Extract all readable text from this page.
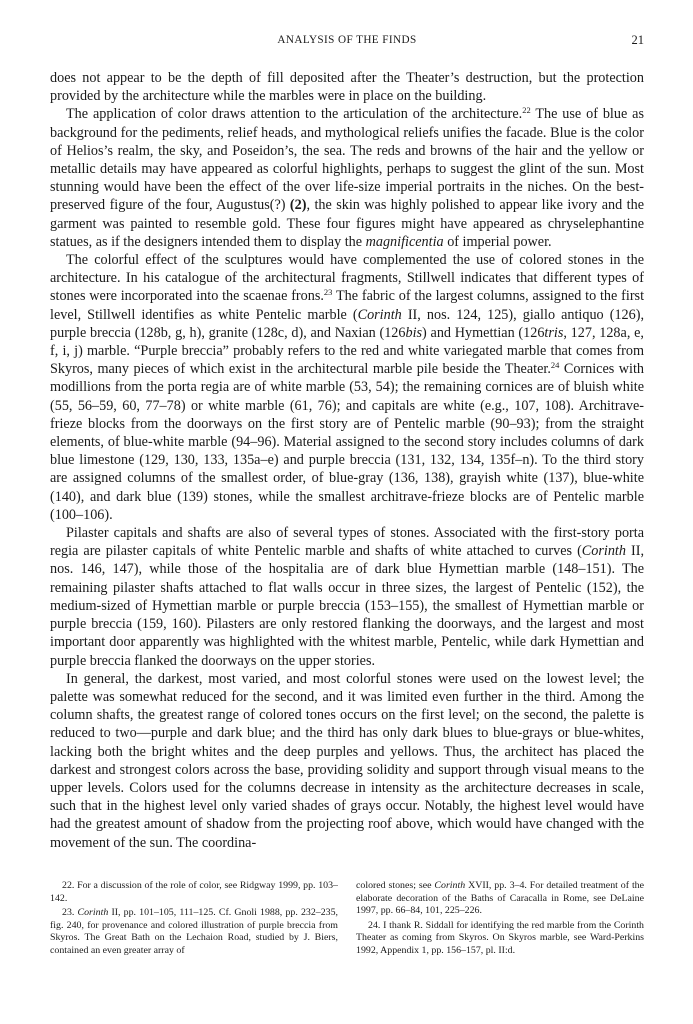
ANALYSIS OF THE FINDS	21

does not appear to be the depth of fill deposited after the Theater’s destruction, but the protection provided by the architecture while the marbles were in place on the building.

The application of color draws attention to the articulation of the architecture.$^{22}$ The use of blue as background for the pediments, relief heads, and mythological reliefs unifies the facade. Blue is the color of Helios’s realm, the sky, and Poseidon’s, the sea. The reds and browns of the hair and the yellow or metallic details may have appeared as colorful highlights, perhaps to suggest the glint of the sun. Most stunning would have been the effect of the over life-size imperial portraits in the niches. On the best-preserved figure of the four, Augustus(?) (2), the skin was highly polished to appear like ivory and the garment was painted to resemble gold. These four figures might have appeared as chryselephantine statues, as if the designers intended them to display the magnificentia of imperial power.

The colorful effect of the sculptures would have complemented the use of colored stones in the architecture. In his catalogue of the architectural fragments, Stillwell indicates that different types of stones were incorporated into the scaenae frons.$^{23}$ The fabric of the largest columns, assigned to the first level, Stillwell identifies as white Pentelic marble (Corinth II, nos. 124, 125), giallo antiquo (126), purple breccia (128b, g, h), granite (128c, d), and Naxian (126bis) and Hymettian (126tris, 127, 128a, e, f, i, j) marble. “Purple breccia” probably refers to the red and white variegated marble that comes from Skyros, many pieces of which exist in the architectural marble pile beside the Theater.$^{24}$ Cornices with modillions from the porta regia are of white marble (53, 54); the remaining cornices are of bluish white (55, 56–59, 60, 77–78) or white marble (61, 76); and capitals are white (e.g., 107, 108). Architrave-frieze blocks from the doorways on the first story are of Pentelic marble (90–93); from the straight elements, of blue-white marble (94–96). Material assigned to the second story includes columns of dark blue limestone (129, 130, 133, 135a–e) and purple breccia (131, 132, 134, 135f–n). To the third story are assigned columns of the smallest order, of blue-gray (136, 138), grayish white (137), blue-white (140), and dark blue (139) stones, while the smallest architrave-frieze blocks are of Pentelic marble (100–106).

Pilaster capitals and shafts are also of several types of stones. Associated with the first-story porta regia are pilaster capitals of white Pentelic marble and shafts of white attached to curves (Corinth II, nos. 146, 147), while those of the hospitalia are of dark blue Hymettian marble (148–151). The remaining pilaster shafts attached to flat walls occur in three sizes, the largest of Pentelic (152), the medium-sized of Hymettian marble or purple breccia (153–155), the smallest of Hymettian marble or purple breccia (159, 160). Pilasters are only restored flanking the doorways, and the largest and most important door apparently was highlighted with the whitest marble, Pentelic, while dark Hymettian and purple breccia flanked the doorways on the upper stories.

In general, the darkest, most varied, and most colorful stones were used on the lowest level; the palette was somewhat reduced for the second, and it was limited even further in the third. Among the column shafts, the greatest range of colored tones occurs on the first level; on the second, the palette is reduced to two—purple and dark blue; and the third has only dark blues to blue-grays or blue-whites, lacking both the bright whites and the deep purples and yellows. Thus, the architect has placed the darkest and strongest colors across the base, providing solidity and support through visual means to the upper levels. Colors used for the columns decrease in intensity as the architecture decreases in scale, such that in the highest level only varied shades of grays occur. Notably, the highest level would have had the greatest amount of shadow from the projecting roof above, which would have changed with the movement of the sun. The coordina-

22. For a discussion of the role of color, see Ridgway 1999, pp. 103–142.

23. Corinth II, pp. 101–105, 111–125. Cf. Gnoli 1988, pp. 232–235, fig. 240, for provenance and colored illustration of purple breccia from Skyros. The Great Bath on the Lechaion Road, studied by J. Biers, contained an even greater array of

colored stones; see Corinth XVII, pp. 3–4. For detailed treatment of the elaborate decoration of the Baths of Caracalla in Rome, see DeLaine 1997, pp. 66–84, 101, 225–226.

24. I thank R. Siddall for identifying the red marble from the Corinth Theater as coming from Skyros. On Skyros marble, see Ward-Perkins 1992, Appendix 1, pp. 156–157, pl. II:d.
